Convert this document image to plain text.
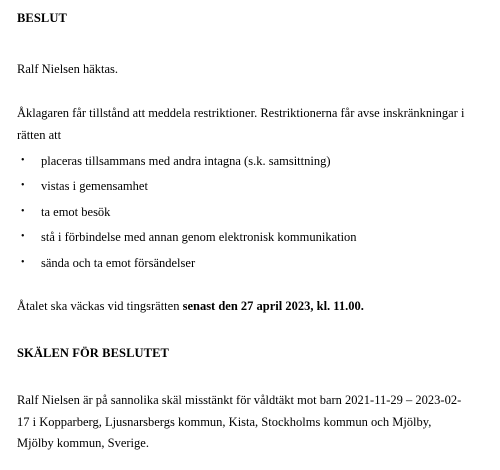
BESLUT

Ralf Nielsen häktas.

Åklagaren får tillstånd att meddela restriktioner. Restriktionerna får avse inskränkningar i
rätten att

• placeras tillsammans med andra intagna (s.k. samsittning)
• vistas i gemensamhet
• ta emot besök
• stå i förbindelse med annan genom elektronisk kommunikation
• sända och ta emot försändelser

Åtalet ska väckas vid tingsrätten senast den 27 april 2023, kl. 11.00.

SKÄLEN FÖR BESLUTET

Ralf Nielsen är på sannolika skäl misstänkt för våldtäkt mot barn 2021-11-29 – 2023-02-
17 i Kopparberg, Ljusnarsbergs kommun, Kista, Stockholms kommun och Mjölby,
Mjölby kommun, Sverige.
